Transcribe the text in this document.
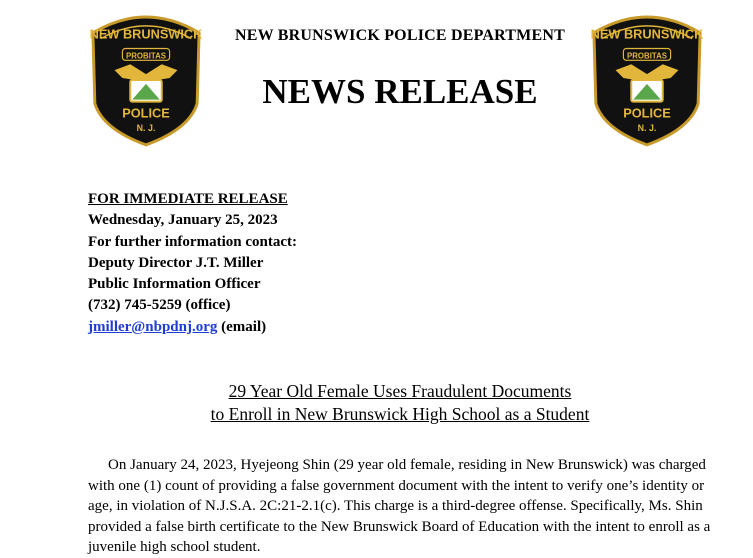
NEW BRUNSWICK
PROBITAS
POLICE
N. J.
NEW BRUNSWICK
PROBITAS
POLICE
N. J.
NEW BRUNSWICK POLICE DEPARTMENT
NEWS RELEASE
FOR IMMEDIATE RELEASE
Wednesday, January 25, 2023
For further information contact:
Deputy Director J.T. Miller
Public Information Officer
(732) 745-5259 (office)
jmiller@nbpdnj.org (email)
29 Year Old Female Uses Fraudulent Documents
to Enroll in New Brunswick High School as a Student

On January 24, 2023, Hyejeong Shin (29 year old female, residing in New Brunswick) was charged with one (1) count of providing a false government document with the intent to verify one’s identity or age, in violation of N.J.S.A. 2C:21-2.1(c). This charge is a third-degree offense. Specifically, Ms. Shin provided a false birth certificate to the New Brunswick Board of Education with the intent to enroll as a juvenile high school student.
